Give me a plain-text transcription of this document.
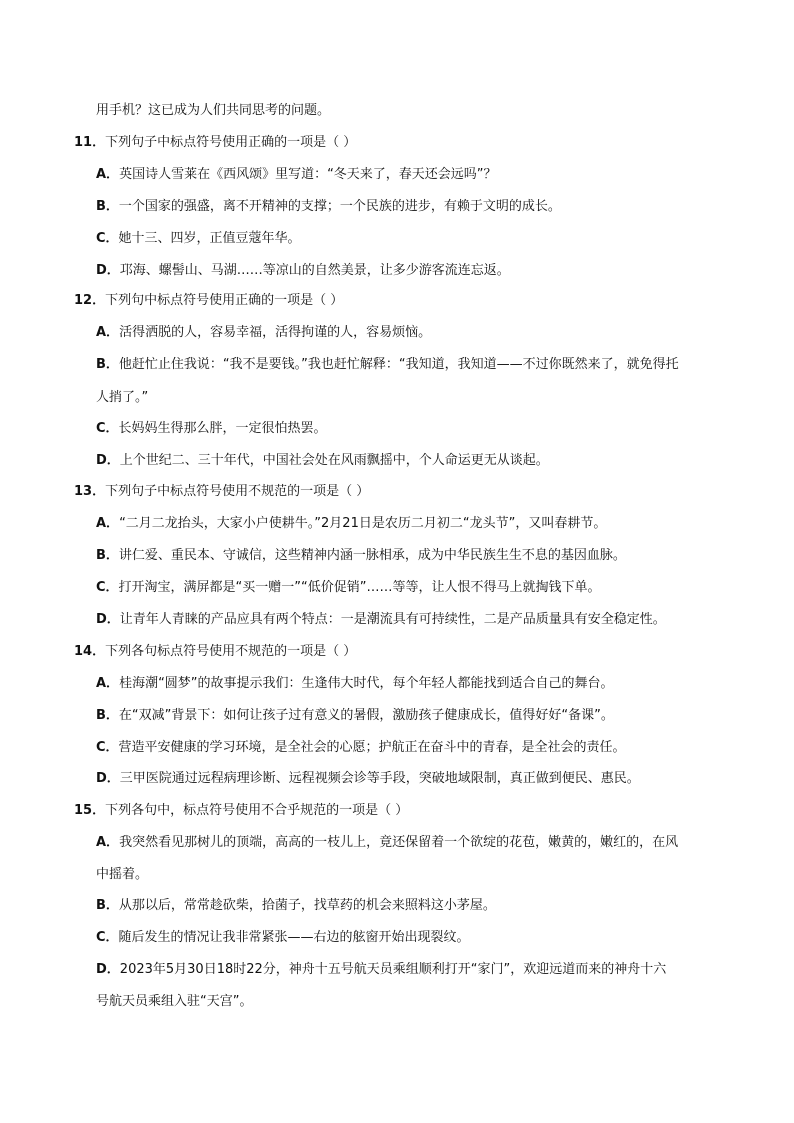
用手机？这已成为人们共同思考的问题。
11．下列句子中标点符号使用正确的一项是（ ）
A．英国诗人雪莱在《西风颂》里写道：“冬天来了，春天还会远吗”？
B．一个国家的强盛，离不开精神的支撑；一个民族的进步，有赖于文明的成长。
C．她十三、四岁，正值豆蔻年华。
D．邛海、螺髻山、马湖……等凉山的自然美景，让多少游客流连忘返。
12．下列句中标点符号使用正确的一项是（ ）
A．活得洒脱的人，容易幸福，活得拘谨的人，容易烦恼。
B．他赶忙止住我说：“我不是要钱。”我也赶忙解释：“我知道，我知道——不过你既然来了，就免得托
人捎了。”
C．长妈妈生得那么胖，一定很怕热罢。
D．上个世纪二、三十年代，中国社会处在风雨飘摇中，个人命运更无从谈起。
13．下列句子中标点符号使用不规范的一项是（ ）
A．“二月二龙抬头，大家小户使耕牛。”2月21日是农历二月初二“龙头节”，又叫春耕节。
B．讲仁爱、重民本、守诚信，这些精神内涵一脉相承，成为中华民族生生不息的基因血脉。
C．打开淘宝，满屏都是“买一赠一”“低价促销”……等等，让人恨不得马上就掏钱下单。
D．让青年人青睐的产品应具有两个特点：一是潮流具有可持续性，二是产品质量具有安全稳定性。
14．下列各句标点符号使用不规范的一项是（ ）
A．桂海潮“圆梦”的故事提示我们：生逢伟大时代，每个年轻人都能找到适合自己的舞台。
B．在“双减”背景下：如何让孩子过有意义的暑假，激励孩子健康成长，值得好好“备课”。
C．营造平安健康的学习环境，是全社会的心愿；护航正在奋斗中的青春，是全社会的责任。
D．三甲医院通过远程病理诊断、远程视频会诊等手段，突破地域限制，真正做到便民、惠民。
15．下列各句中，标点符号使用不合乎规范的一项是（ ）
A．我突然看见那树儿的顶端，高高的一枝儿上，竟还保留着一个欲绽的花苞，嫩黄的，嫩红的，在风
中摇着。
B．从那以后，常常趁砍柴，拾菌子，找草药的机会来照料这小茅屋。
C．随后发生的情况让我非常紧张——右边的舷窗开始出现裂纹。
D．2023年5月30日18时22分，神舟十五号航天员乘组顺利打开“家门”，欢迎远道而来的神舟十六
号航天员乘组入驻“天宫”。
